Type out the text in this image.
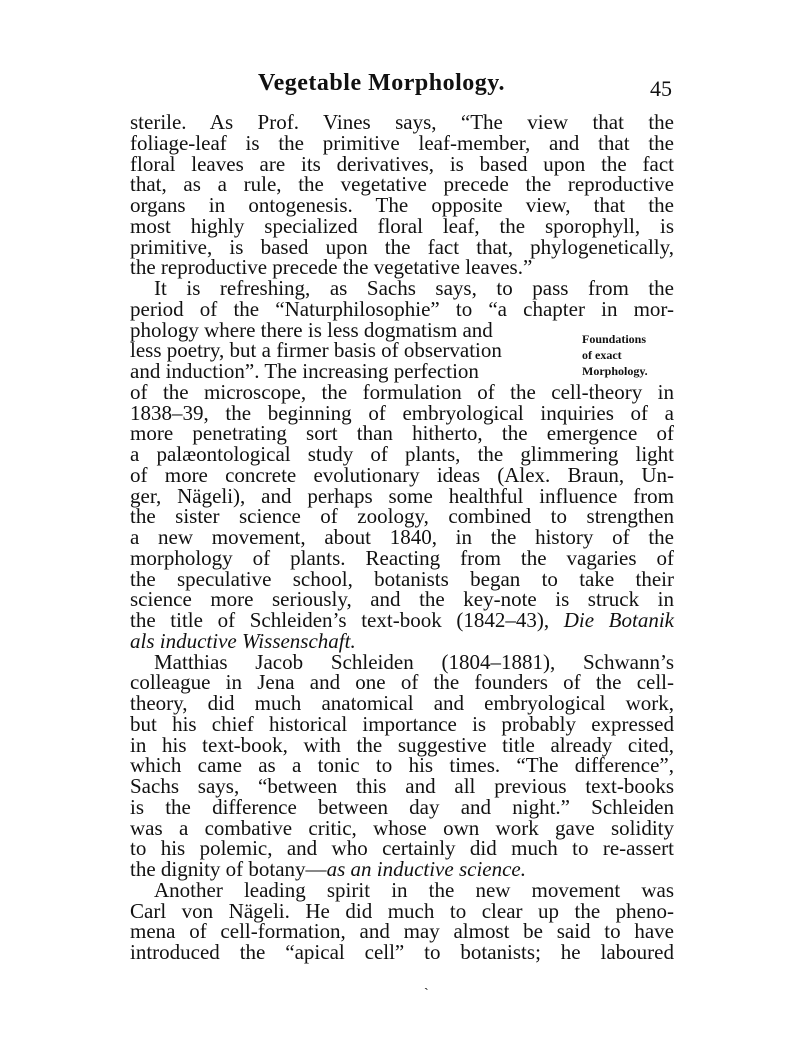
Vegetable Morphology.	45
sterile. As Prof. Vines says, “The view that the
foliage-leaf is the primitive leaf-member, and that the
floral leaves are its derivatives, is based upon the fact
that, as a rule, the vegetative precede the reproductive
organs in ontogenesis. The opposite view, that the
most highly specialized floral leaf, the sporophyll, is
primitive, is based upon the fact that, phylogenetically,
the reproductive precede the vegetative leaves.”
It is refreshing, as Sachs says, to pass from the
period of the “Naturphilosophie” to “a chapter in mor-
phology where there is less dogmatism and
less poetry, but a firmer basis of observation
and induction”. The increasing perfection
of the microscope, the formulation of the cell-theory in
1838–39, the beginning of embryological inquiries of a
more penetrating sort than hitherto, the emergence of
a palæontological study of plants, the glimmering light
of more concrete evolutionary ideas (Alex. Braun, Un-
ger, Nägeli), and perhaps some healthful influence from
the sister science of zoology, combined to strengthen
a new movement, about 1840, in the history of the
morphology of plants. Reacting from the vagaries of
the speculative school, botanists began to take their
science more seriously, and the key-note is struck in
the title of Schleiden’s text-book (1842–43), Die Botanik
als inductive Wissenschaft.
Matthias Jacob Schleiden (1804–1881), Schwann’s
colleague in Jena and one of the founders of the cell-
theory, did much anatomical and embryological work,
but his chief historical importance is probably expressed
in his text-book, with the suggestive title already cited,
which came as a tonic to his times. “The difference”,
Sachs says, “between this and all previous text-books
is the difference between day and night.” Schleiden
was a combative critic, whose own work gave solidity
to his polemic, and who certainly did much to re-assert
the dignity of botany—as an inductive science.
Another leading spirit in the new movement was
Carl von Nägeli. He did much to clear up the pheno-
mena of cell-formation, and may almost be said to have
introduced the “apical cell” to botanists; he laboured
Foundations
of exact
Morphology.
ˏ
